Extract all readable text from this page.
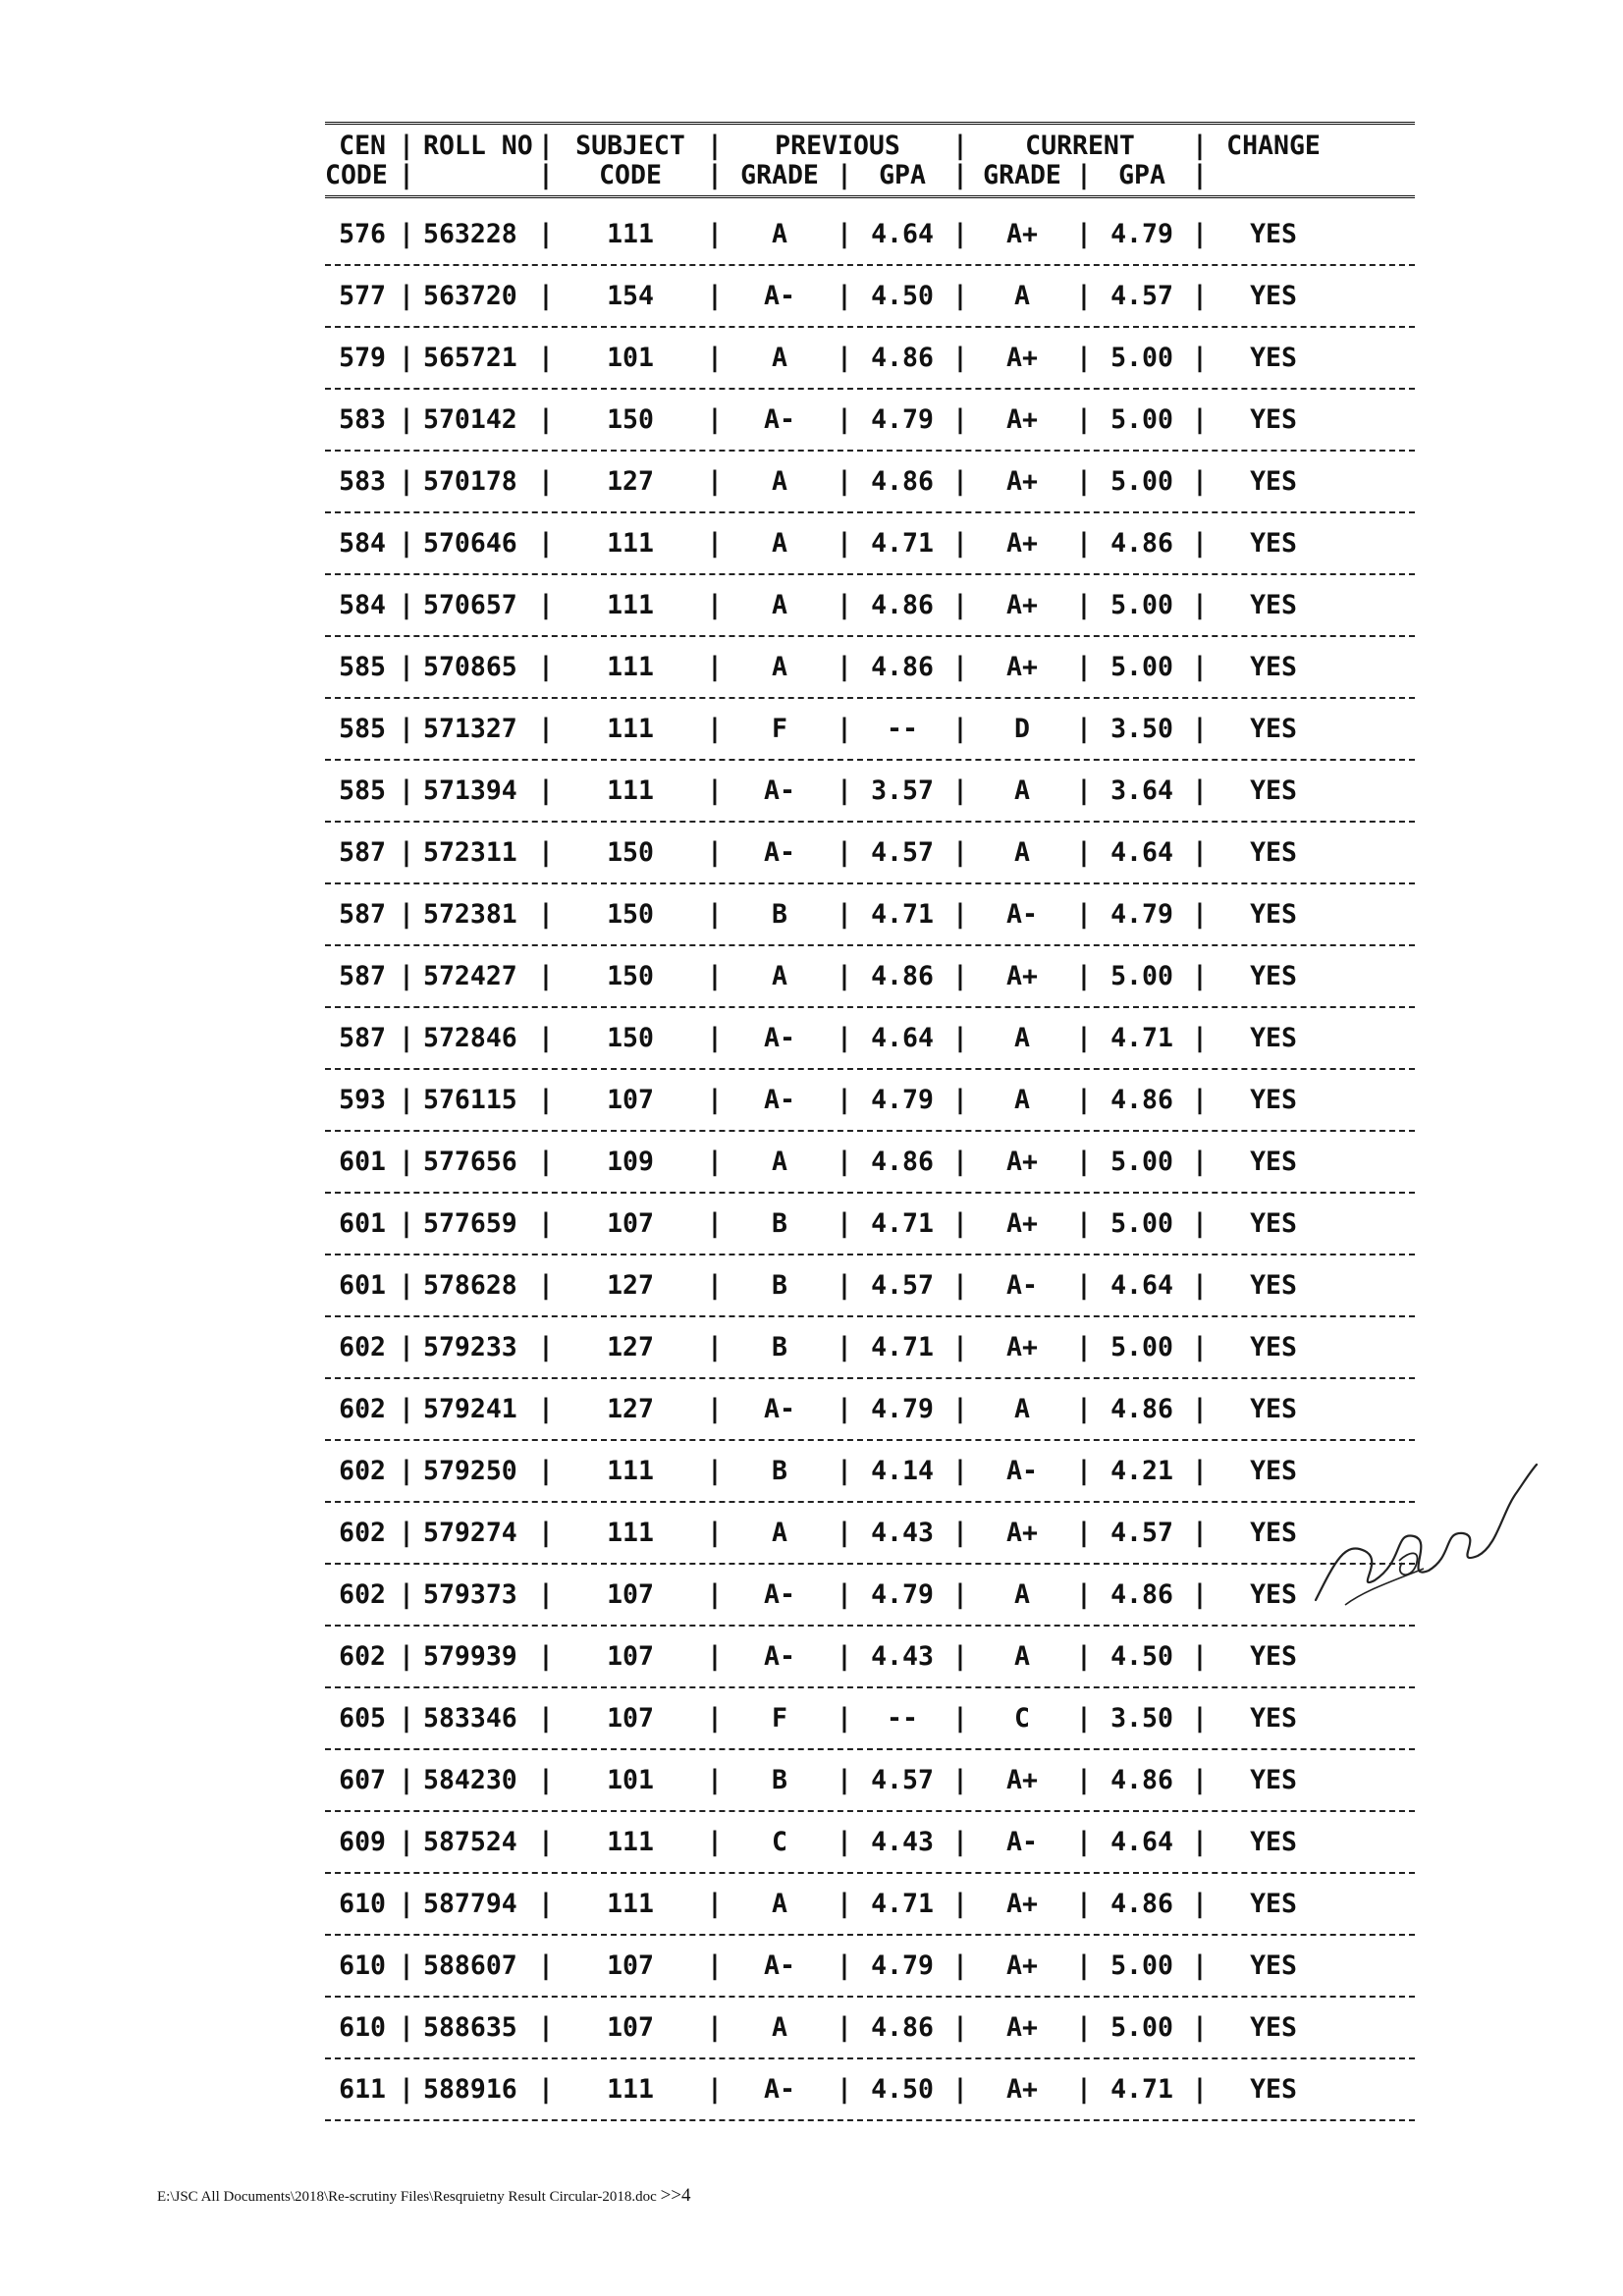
CEN | ROLL NO | SUBJECT |	PREVIOUS	|	CURRENT	| CHANGE
CODE |	|	CODE	| GRADE |	GPA	| GRADE |	GPA	|
576 | 563228 |	111	|	A	| 4.64 |	A+	| 4.79 |	YES
577 | 563720 |	154	|	A-	| 4.50 |	A	| 4.57 |	YES
579 | 565721 |	101	|	A	| 4.86 |	A+	| 5.00 |	YES
583 | 570142 |	150	|	A-	| 4.79 |	A+	| 5.00 |	YES
583 | 570178 |	127	|	A	| 4.86 |	A+	| 5.00 |	YES
584 | 570646 |	111	|	A	| 4.71 |	A+	| 4.86 |	YES
584 | 570657 |	111	|	A	| 4.86 |	A+	| 5.00 |	YES
585 | 570865 |	111	|	A	| 4.86 |	A+	| 5.00 |	YES
585 | 571327 |	111	|	F	|	--	|	D	| 3.50 |	YES
585 | 571394 |	111	|	A-	| 3.57 |	A	| 3.64 |	YES
587 | 572311 |	150	|	A-	| 4.57 |	A	| 4.64 |	YES
587 | 572381 |	150	|	B	| 4.71 |	A-	| 4.79 |	YES
587 | 572427 |	150	|	A	| 4.86 |	A+	| 5.00 |	YES
587 | 572846 |	150	|	A-	| 4.64 |	A	| 4.71 |	YES
593 | 576115 |	107	|	A-	| 4.79 |	A	| 4.86 |	YES
601 | 577656 |	109	|	A	| 4.86 |	A+	| 5.00 |	YES
601 | 577659 |	107	|	B	| 4.71 |	A+	| 5.00 |	YES
601 | 578628 |	127	|	B	| 4.57 |	A-	| 4.64 |	YES
602 | 579233 |	127	|	B	| 4.71 |	A+	| 5.00 |	YES
602 | 579241 |	127	|	A-	| 4.79 |	A	| 4.86 |	YES
602 | 579250 |	111	|	B	| 4.14 |	A-	| 4.21 |	YES
602 | 579274 |	111	|	A	| 4.43 |	A+	| 4.57 |	YES
602 | 579373 |	107	|	A-	| 4.79 |	A	| 4.86 |	YES
602 | 579939 |	107	|	A-	| 4.43 |	A	| 4.50 |	YES
605 | 583346 |	107	|	F	|	--	|	C	| 3.50 |	YES
607 | 584230 |	101	|	B	| 4.57 |	A+	| 4.86 |	YES
609 | 587524 |	111	|	C	| 4.43 |	A-	| 4.64 |	YES
610 | 587794 |	111	|	A	| 4.71 |	A+	| 4.86 |	YES
610 | 588607 |	107	|	A-	| 4.79 |	A+	| 5.00 |	YES
610 | 588635 |	107	|	A	| 4.86 |	A+	| 5.00 |	YES
611 | 588916 |	111	|	A-	| 4.50 |	A+	| 4.71 |	YES
E:\JSC All Documents\2018\Re-scrutiny Files\Resqruietny Result Circular-2018.doc >>4
